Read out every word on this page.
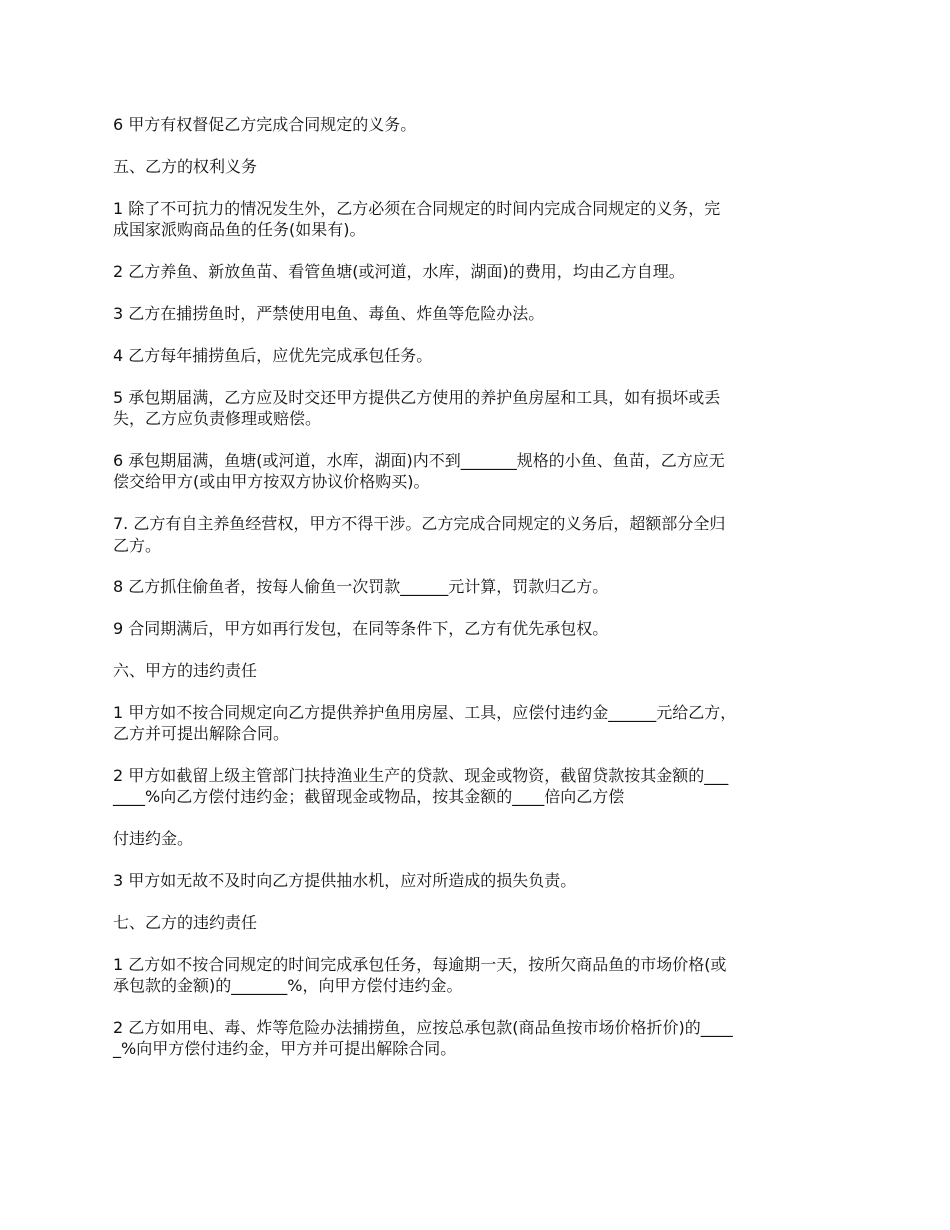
6 甲方有权督促乙方完成合同规定的义务。

五、乙方的权利义务

1 除了不可抗力的情况发生外，乙方必须在合同规定的时间内完成合同规定的义务，完

成国家派购商品鱼的任务(如果有)。

2 乙方养鱼、新放鱼苗、看管鱼塘(或河道，水库，湖面)的费用，均由乙方自理。

3 乙方在捕捞鱼时，严禁使用电鱼、毒鱼、炸鱼等危险办法。

4 乙方每年捕捞鱼后，应优先完成承包任务。

5 承包期届满，乙方应及时交还甲方提供乙方使用的养护鱼房屋和工具，如有损坏或丢

失，乙方应负责修理或赔偿。

6 承包期届满，鱼塘(或河道，水库，湖面)内不到_______规格的小鱼、鱼苗，乙方应无

偿交给甲方(或由甲方按双方协议价格购买)。

7. 乙方有自主养鱼经营权，甲方不得干涉。乙方完成合同规定的义务后，超额部分全归

乙方。

8 乙方抓住偷鱼者，按每人偷鱼一次罚款______元计算，罚款归乙方。

9 合同期满后，甲方如再行发包，在同等条件下，乙方有优先承包权。

六、甲方的违约责任

1 甲方如不按合同规定向乙方提供养护鱼用房屋、工具，应偿付违约金______元给乙方，

乙方并可提出解除合同。

2 甲方如截留上级主管部门扶持渔业生产的贷款、现金或物资，截留贷款按其金额的___

____%向乙方偿付违约金；截留现金或物品，按其金额的____倍向乙方偿

付违约金。

3 甲方如无故不及时向乙方提供抽水机，应对所造成的损失负责。

七、乙方的违约责任

1 乙方如不按合同规定的时间完成承包任务，每逾期一天，按所欠商品鱼的市场价格(或

承包款的金额)的_______%，向甲方偿付违约金。

2 乙方如用电、毒、炸等危险办法捕捞鱼，应按总承包款(商品鱼按市场价格折价)的____

_%向甲方偿付违约金，甲方并可提出解除合同。
